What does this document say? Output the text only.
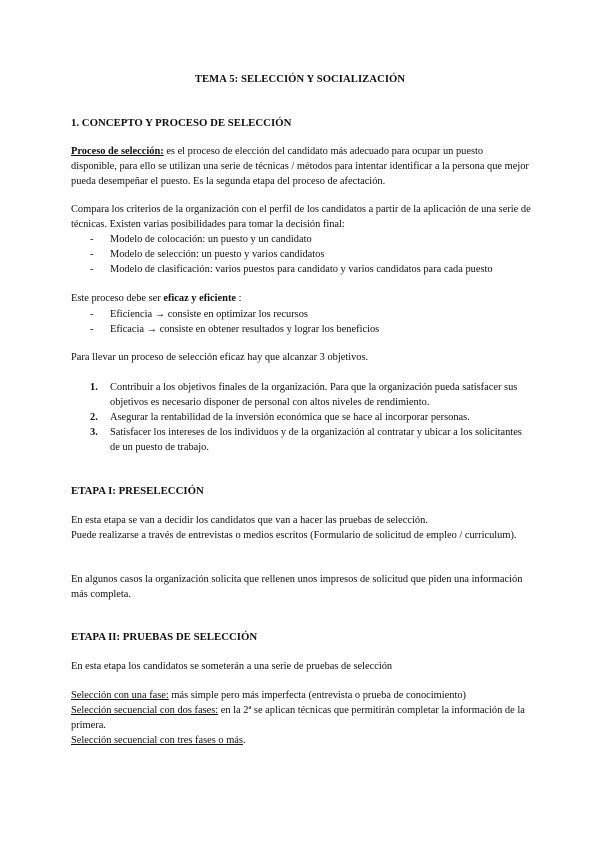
TEMA 5: SELECCIÓN Y SOCIALIZACIÓN
1. CONCEPTO Y PROCESO DE SELECCIÓN

Proceso de selección: es el proceso de elección del candidato más adecuado para ocupar un puesto disponible, para ello se utilizan una serie de técnicas / métodos para intentar identificar a la persona que mejor pueda desempeñar el puesto. Es la segunda etapa del proceso de afectación.

Compara los criterios de la organización con el perfil de los candidatos a partir de la aplicación de una serie de técnicas. Existen varias posibilidades para tomar la decisión final:

- Modelo de colocación: un puesto y un candidato
- Modelo de selección: un puesto y varios candidatos
- Modelo de clasificación: varios puestos para candidato y varios candidatos para cada puesto

Este proceso debe ser eficaz y eficiente :

- Eficiencia → consiste en optimizar los recursos
- Eficacia → consiste en obtener resultados y lograr los beneficios

Para llevar un proceso de selección eficaz hay que alcanzar 3 objetivos.

1. Contribuir a los objetivos finales de la organización. Para que la organización pueda satisfacer sus objetivos es necesario disponer de personal con altos niveles de rendimiento.
2. Asegurar la rentabilidad de la inversión económica que se hace al incorporar personas.
3. Satisfacer los intereses de los individuos y de la organización al contratar y ubicar a los solicitantes de un puesto de trabajo.
ETAPA I: PRESELECCIÓN

En esta etapa se van a decidir los candidatos que van a hacer las pruebas de selección.

Puede realizarse a través de entrevistas o medios escritos (Formulario de solicitud de empleo / curriculum).

En algunos casos la organización solicita que rellenen unos impresos de solicitud que piden una información más completa.

ETAPA II: PRUEBAS DE SELECCIÓN

En esta etapa los candidatos se someterán a una serie de pruebas de selección

Selección con una fase: más simple pero más imperfecta (entrevista o prueba de conocimiento)

Selección secuencial con dos fases: en la 2ª se aplican técnicas que permitirán completar la información de la primera.

Selección secuencial con tres fases o más.
